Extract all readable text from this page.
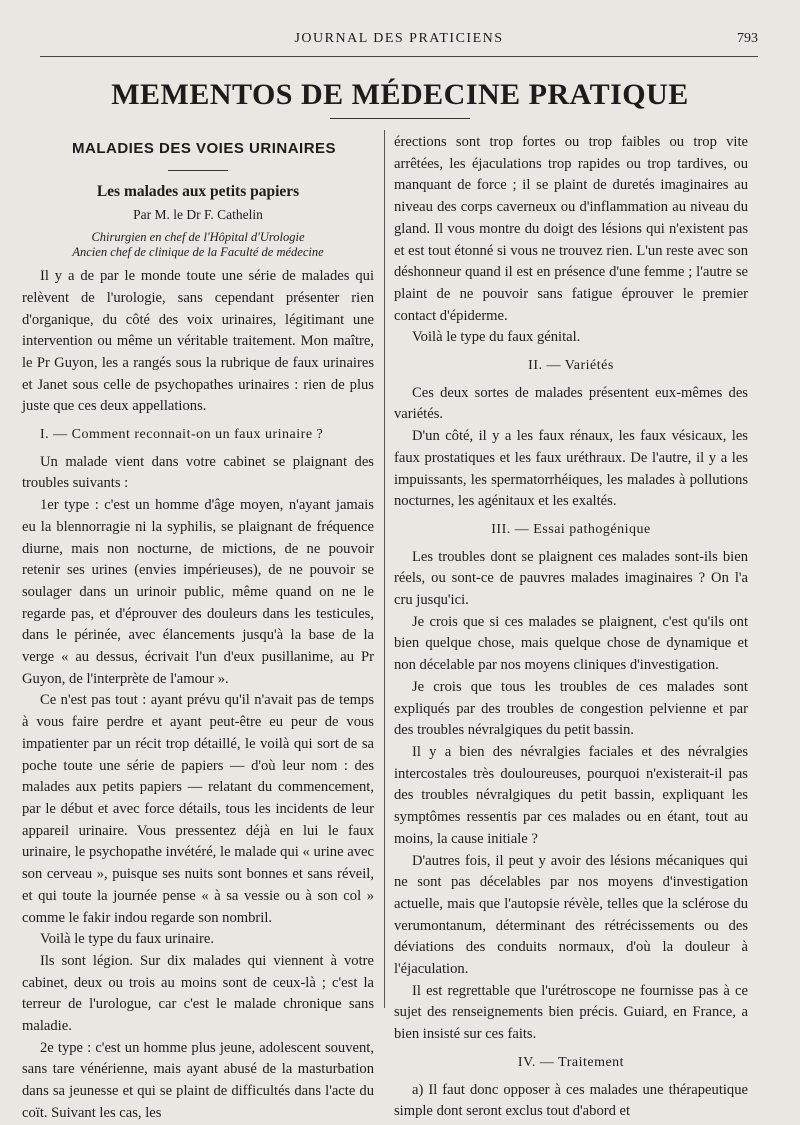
JOURNAL DES PRATICIENS	793
MEMENTOS DE MÉDECINE PRATIQUE
MALADIES DES VOIES URINAIRES
Les malades aux petits papiers
Par M. le Dr F. Cathelin
Chirurgien en chef de l'Hôpital d'Urologie
Ancien chef de clinique de la Faculté de médecine

Il y a de par le monde toute une série de malades qui relèvent de l'urologie, sans cependant présenter rien d'organique, du côté des voix urinaires, légitimant une intervention ou même un véritable traitement. Mon maître, le Pr Guyon, les a rangés sous la rubrique de faux urinaires et Janet sous celle de psychopathes urinaires : rien de plus juste que ces deux appellations.

I. — Comment reconnait-on un faux urinaire ?

Un malade vient dans votre cabinet se plaignant des troubles suivants :

1er type : c'est un homme d'âge moyen, n'ayant jamais eu la blennorragie ni la syphilis, se plaignant de fréquence diurne, mais non nocturne, de mictions, de ne pouvoir retenir ses urines (envies impérieuses), de ne pouvoir se soulager dans un urinoir public, même quand on ne le regarde pas, et d'éprouver des douleurs dans les testicules, dans le périnée, avec élancements jusqu'à la base de la verge « au dessus, écrivait l'un d'eux pusillanime, au Pr Guyon, de l'interprète de l'amour ».

Ce n'est pas tout : ayant prévu qu'il n'avait pas de temps à vous faire perdre et ayant peut-être eu peur de vous impatienter par un récit trop détaillé, le voilà qui sort de sa poche toute une série de papiers — d'où leur nom : des malades aux petits papiers — relatant du commencement, par le début et avec force détails, tous les incidents de leur appareil urinaire. Vous pressentez déjà en lui le faux urinaire, le psychopathe invétéré, le malade qui « urine avec son cerveau », puisque ses nuits sont bonnes et sans réveil, et qui toute la journée pense « à sa vessie ou à son col » comme le fakir indou regarde son nombril.

Voilà le type du faux urinaire.

Ils sont légion. Sur dix malades qui viennent à votre cabinet, deux ou trois au moins sont de ceux-là ; c'est la terreur de l'urologue, car c'est le malade chronique sans maladie.

2e type : c'est un homme plus jeune, adolescent souvent, sans tare vénérienne, mais ayant abusé de la masturbation dans sa jeunesse et qui se plaint de difficultés dans l'acte du coït. Suivant les cas, les

érections sont trop fortes ou trop faibles ou trop vite arrêtées, les éjaculations trop rapides ou trop tardives, ou manquant de force ; il se plaint de duretés imaginaires au niveau des corps caverneux ou d'inflammation au niveau du gland. Il vous montre du doigt des lésions qui n'existent pas et est tout étonné si vous ne trouvez rien. L'un reste avec son déshonneur quand il est en présence d'une femme ; l'autre se plaint de ne pouvoir sans fatigue éprouver le premier contact d'épiderme.

Voilà le type du faux génital.

II. — Variétés

Ces deux sortes de malades présentent eux-mêmes des variétés.

D'un côté, il y a les faux rénaux, les faux vésicaux, les faux prostatiques et les faux uréthraux. De l'autre, il y a les impuissants, les spermatorrhéiques, les malades à pollutions nocturnes, les agénitaux et les exaltés.

III. — Essai pathogénique

Les troubles dont se plaignent ces malades sont-ils bien réels, ou sont-ce de pauvres malades imaginaires ? On l'a cru jusqu'ici.

Je crois que si ces malades se plaignent, c'est qu'ils ont bien quelque chose, mais quelque chose de dynamique et non décelable par nos moyens cliniques d'investigation.

Je crois que tous les troubles de ces malades sont expliqués par des troubles de congestion pelvienne et par des troubles névralgiques du petit bassin.

Il y a bien des névralgies faciales et des névralgies intercostales très douloureuses, pourquoi n'existerait-il pas des troubles névralgiques du petit bassin, expliquant les symptômes ressentis par ces malades ou en étant, tout au moins, la cause initiale ?

D'autres fois, il peut y avoir des lésions mécaniques qui ne sont pas décelables par nos moyens d'investigation actuelle, mais que l'autopsie révèle, telles que la sclérose du verumontanum, déterminant des rétrécissements ou des déviations des conduits normaux, d'où la douleur à l'éjaculation.

Il est regrettable que l'urétroscope ne fournisse pas à ce sujet des renseignements bien précis. Guiard, en France, a bien insisté sur ces faits.

IV. — Traitement

a) Il faut donc opposer à ces malades une thérapeutique simple dont seront exclus tout d'abord et
